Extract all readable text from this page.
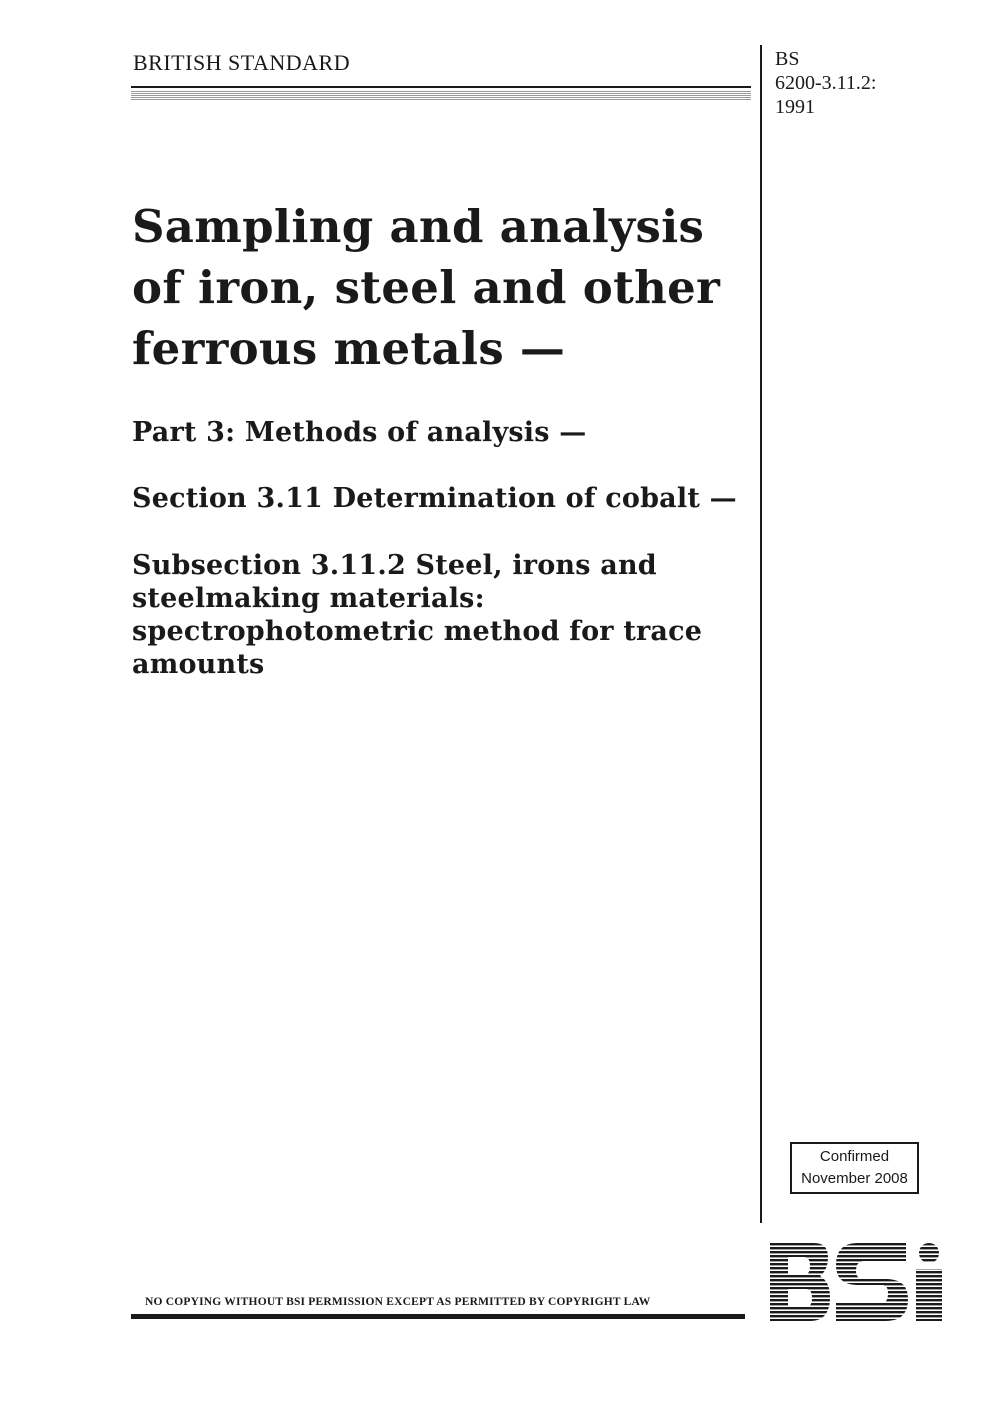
BRITISH STANDARD	BS
6200-3.11.2:
1991
Sampling and analysis
of iron, steel and other
ferrous metals —
Part 3: Methods of analysis —
Section 3.11 Determination of cobalt —
Subsection 3.11.2 Steel, irons and
steelmaking materials:
spectrophotometric method for trace
amounts
Confirmed
November 2008
NO COPYING WITHOUT BSI PERMISSION EXCEPT AS PERMITTED BY COPYRIGHT LAW
